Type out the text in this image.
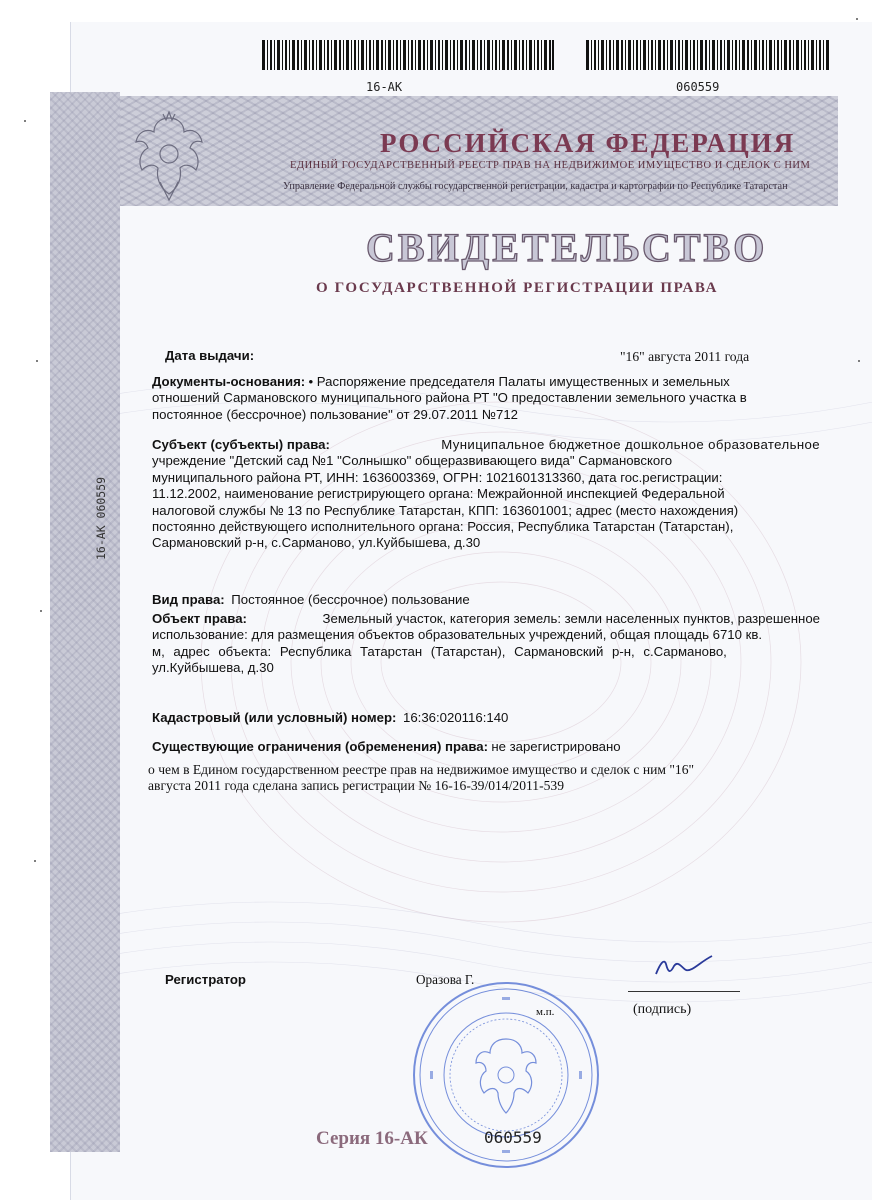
16-AK	060559
РОССИЙСКАЯ ФЕДЕРАЦИЯ
ЕДИНЫЙ ГОСУДАРСТВЕННЫЙ РЕЕСТР ПРАВ НА НЕДВИЖИМОЕ ИМУЩЕСТВО И СДЕЛОК С НИМ
Управление Федеральной службы государственной регистрации, кадастра и картографии по Республике Татарстан
СВИДЕТЕЛЬСТВО
О ГОСУДАРСТВЕННОЙ РЕГИСТРАЦИИ ПРАВА
16-AK 060559
Дата выдачи:	"16" августа 2011 года
Документы-основания: • Распоряжение председателя Палаты имущественных и земельных
отношений Сармановского муниципального района РТ "О предоставлении земельного участка в
постоянное (бессрочное) пользование" от 29.07.2011 №712
Субъект (субъекты) права:	Муниципальное бюджетное дошкольное образовательное
учреждение "Детский сад №1 "Солнышко" общеразвивающего вида" Сармановского
муниципального района РТ, ИНН: 1636003369, ОГРН: 1021601313360, дата гос.регистрации:
11.12.2002, наименование регистрирующего органа: Межрайонной инспекцией Федеральной
налоговой службы № 13 по Республике Татарстан, КПП: 163601001; адрес (место нахождения)
постоянно действующего исполнительного органа: Россия, Республика Татарстан (Татарстан),
Сармановский р-н, с.Сарманово, ул.Куйбышева, д.30
Вид права: Постоянное (бессрочное) пользование
Объект права:	Земельный участок, категория земель: земли населенных пунктов, разрешенное
использование: для размещения объектов образовательных учреждений, общая площадь 6710 кв.
м, адрес объекта: Республика Татарстан (Татарстан), Сармановский р-н, с.Сарманово,
ул.Куйбышева, д.30
Кадастровый (или условный) номер: 16:36:020116:140
Существующие ограничения (обременения) права: не зарегистрировано
о чем в Едином государственном реестре прав на недвижимое имущество и сделок с ним "16"
августа 2011 года сделана запись регистрации № 16-16-39/014/2011-539
Регистратор	Оразова Г.
м.п.	(подпись)
Серия 16-АК	060559
